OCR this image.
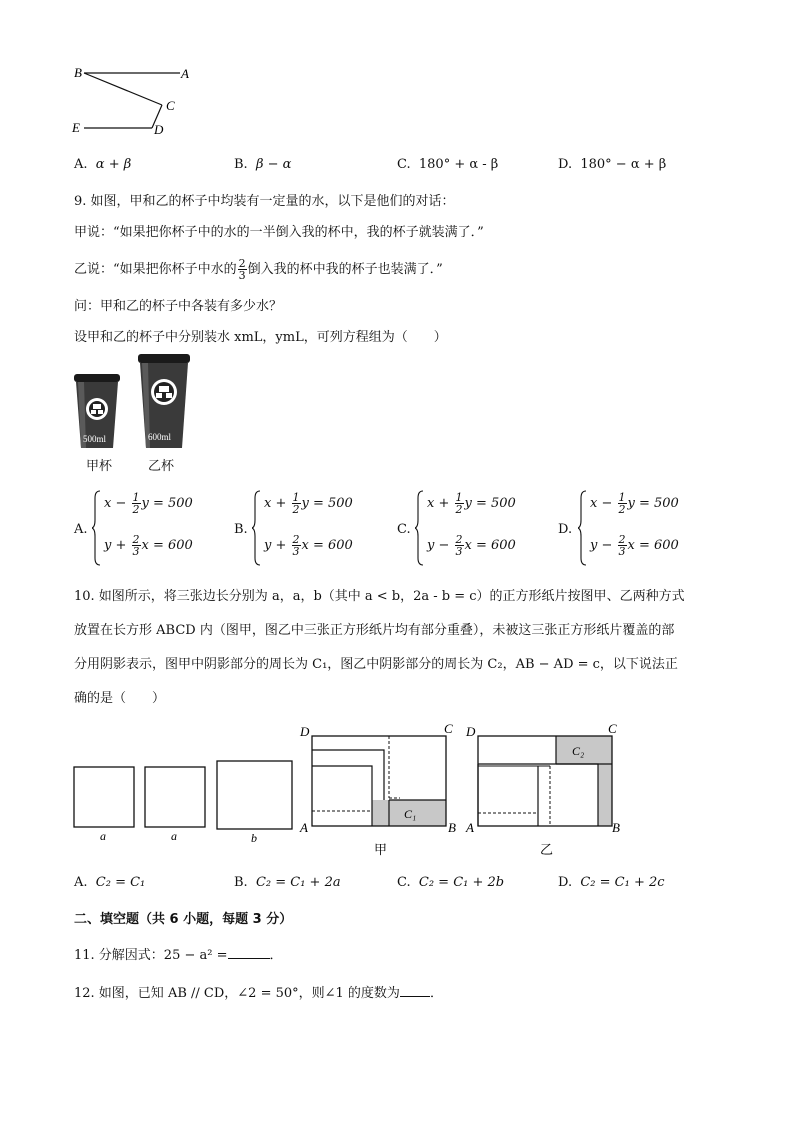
B	A
C
E	D
A. α + β	B. β − α	C. 180° + α - β	D. 180° − α + β
9. 如图，甲和乙的杯子中均装有一定量的水，以下是他们的对话：
甲说：“如果把你杯子中的水的一半倒入我的杯中，我的杯子就装满了．”
乙说：“如果把你杯子中水的 $\frac{2}{3}$ 倒入我的杯中我的杯子也装满了．”
问：甲和乙的杯子中各装有多少水？
设甲和乙的杯子中分别装水 xmL，ymL，可列方程组为（　　）
500ml	600ml
甲杯	乙杯
A.
$x - \frac{1}{2}$ y = 500
$y + \frac{2}{3}$ x = 600
B.
$x + \frac{1}{2}$ y = 500
$y + \frac{2}{3}$ x = 600
C.
$x + \frac{1}{2}$ y = 500
$y - \frac{2}{3}$ x = 600
D.
$x - \frac{1}{2}$ y = 500
$y - \frac{2}{3}$ x = 600
10. 如图所示，将三张边长分别为 a，a，b（其中 a < b，2a - b = c）的正方形纸片按图甲、乙两种方式
放置在长方形 ABCD 内（图甲，图乙中三张正方形纸片均有部分重叠），未被这三张正方形纸片覆盖的部
分用阴影表示，图甲中阴影部分的周长为 C₁，图乙中阴影部分的周长为 C₂，AB − AD = c，以下说法正
确的是（　　）
a	a	b
D	C
A	B
C₁
甲
D	C
A	B
C₂
乙
A. C₂ = C₁	B. C₂ = C₁ + 2a	C. C₂ = C₁ + 2b	D. C₂ = C₁ + 2c
二、填空题（共 6 小题，每题 3 分）
11. 分解因式：25 − a² =	．
12. 如图，已知 AB // CD，∠2 = 50°，则∠1 的度数为 ．
